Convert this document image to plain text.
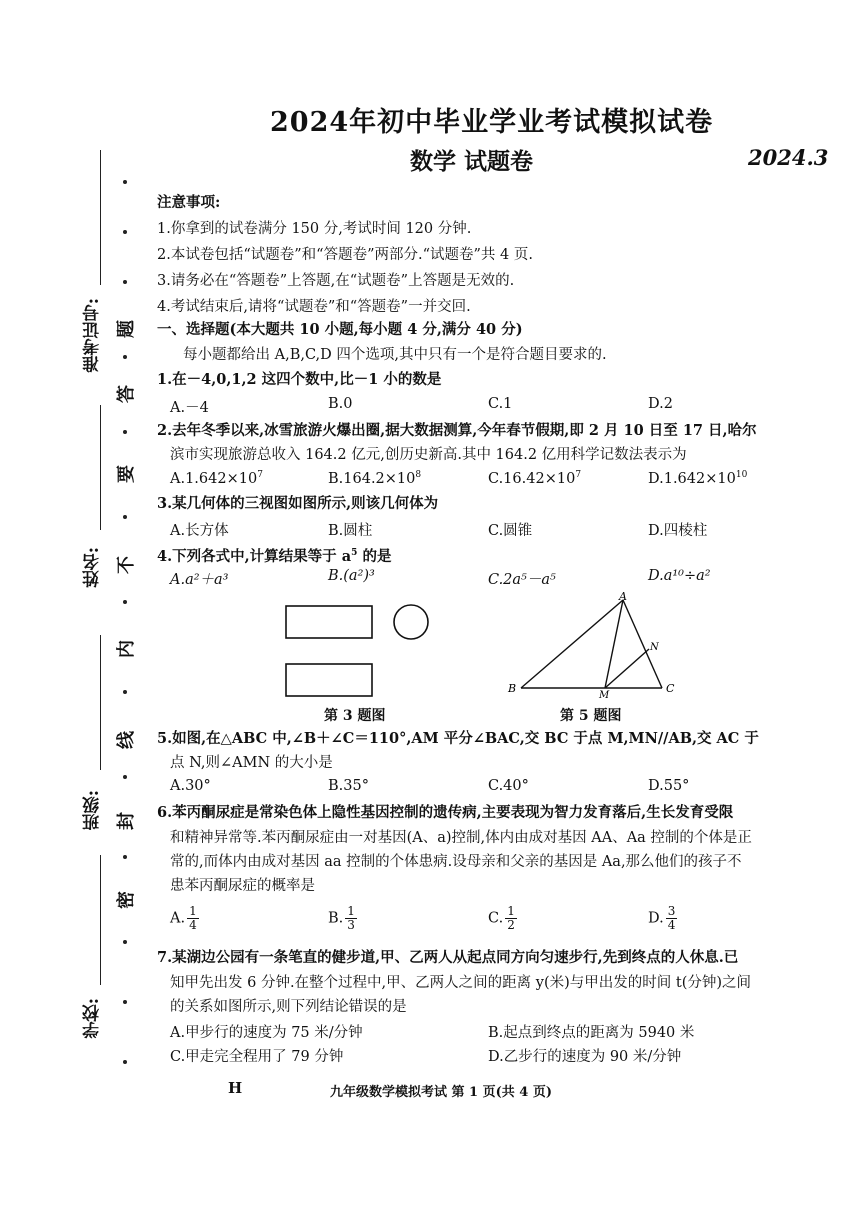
准考证号:
姓名:
班级:
学校:
题
答
要
不
内
线
封
密
2024年初中毕业学业考试模拟试卷
数学 试题卷	2024.3
注意事项:
1.你拿到的试卷满分 150 分,考试时间 120 分钟.
2.本试卷包括“试题卷”和“答题卷”两部分.“试题卷”共 4 页.
3.请务必在“答题卷”上答题,在“试题卷”上答题是无效的.
4.考试结束后,请将“试题卷”和“答题卷”一并交回.
一、选择题(本大题共 10 小题,每小题 4 分,满分 40 分)
每小题都给出 A,B,C,D 四个选项,其中只有一个是符合题目要求的.
1.在－4,0,1,2 这四个数中,比－1 小的数是
A.－4	B.0	C.1	D.2
2.去年冬季以来,冰雪旅游火爆出圈,据大数据测算,今年春节假期,即 2 月 10 日至 17 日,哈尔
滨市实现旅游总收入 164.2 亿元,创历史新高.其中 164.2 亿用科学记数法表示为
$A.1.642\times 10^7$	$B.164.2\times 10^8$	$C.16.42\times 10^7$	$D.1.642\times 10^{10}$
3.某几何体的三视图如图所示,则该几何体为
A.长方体	B.圆柱	C.圆锥	D.四棱柱
4.下列各式中,计算结果等于 $a^5$ 的是
A.a²＋a³	B.(a²)³	C.2a⁵－a⁵	D.a¹⁰÷a²
第 3 题图
A
B	C
M
N
第 5 题图
5.如图,在△ABC 中,∠B＋∠C＝110°,AM 平分∠BAC,交 BC 于点 M,MN//AB,交 AC 于
点 N,则∠AMN 的大小是
A.30°	B.35°	C.40°	D.55°
6.苯丙酮尿症是常染色体上隐性基因控制的遗传病,主要表现为智力发育落后,生长发育受限
和精神异常等.苯丙酮尿症由一对基因(A、a)控制,体内由成对基因 AA、Aa 控制的个体是正
常的,而体内由成对基因 aa 控制的个体患病.设母亲和父亲的基因是 Aa,那么他们的孩子不
患苯丙酮尿症的概率是
A. $\frac{1}{4}$	B. $\frac{1}{3}$	C. $\frac{1}{2}$	D. $\frac{3}{4}$
7.某湖边公园有一条笔直的健步道,甲、乙两人从起点同方向匀速步行,先到终点的人休息.已
知甲先出发 6 分钟.在整个过程中,甲、乙两人之间的距离 y(米)与甲出发的时间 t(分钟)之间
的关系如图所示,则下列结论错误的是
A.甲步行的速度为 75 米/分钟	B.起点到终点的距离为 5940 米
C.甲走完全程用了 79 分钟	D.乙步行的速度为 90 米/分钟
H	九年级数学模拟考试 第 1 页(共 4 页)
